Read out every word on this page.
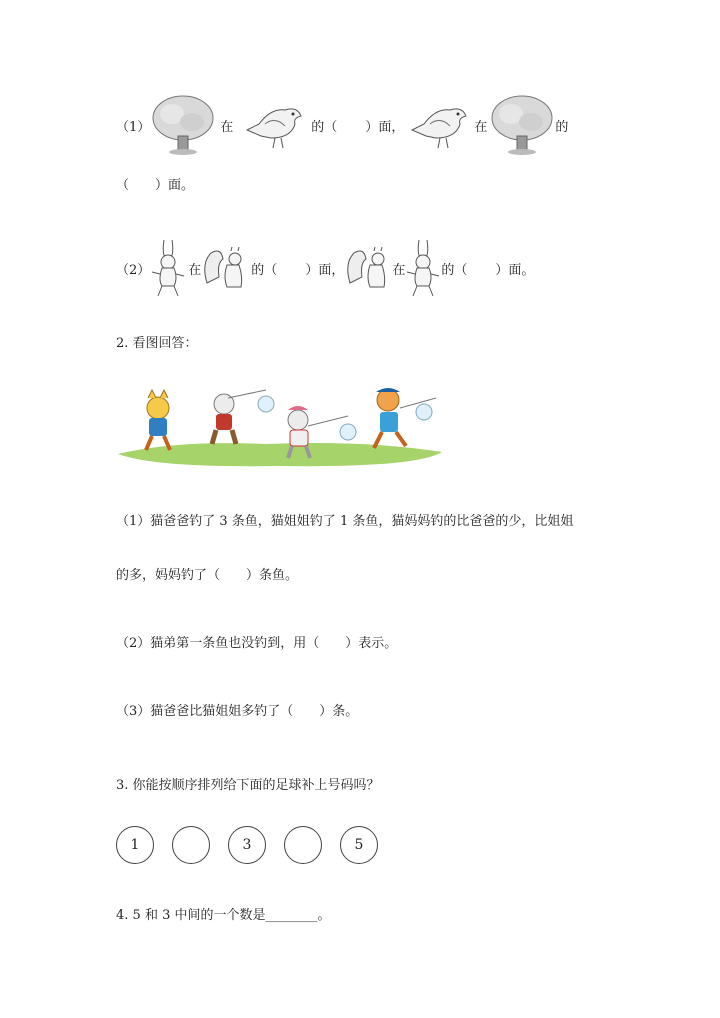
（1）	在	的（ ）面，	在	的
（　　）面。
（2）	在	的（ ）面，	在	的（ ）面。
2. 看图回答：
（1）猫爸爸钓了 3 条鱼，猫姐姐钓了 1 条鱼，猫妈妈钓的比爸爸的少，比姐姐
的多，妈妈钓了（　　）条鱼。
（2）猫弟第一条鱼也没钓到，用（　　）表示。
（3）猫爸爸比猫姐姐多钓了（　　）条。
3. 你能按顺序排列给下面的足球补上号码吗？
1	3	5
4. 5 和 3 中间的一个数是________。
